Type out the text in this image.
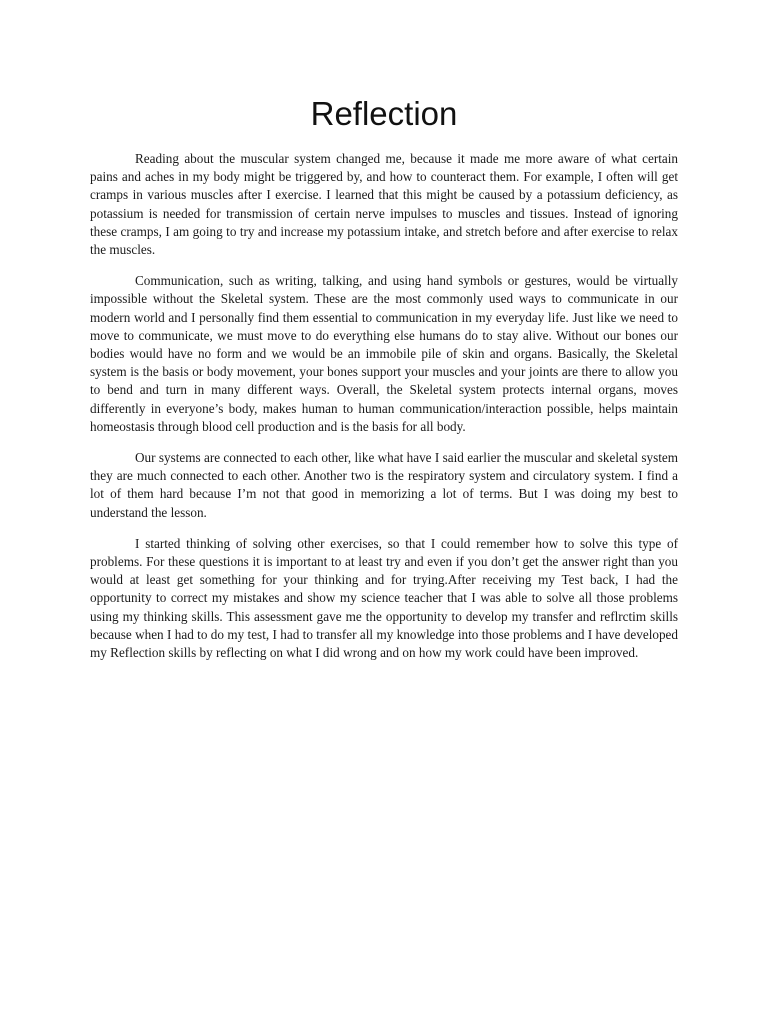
Reflection

Reading about the muscular system changed me, because it made me more aware of what certain pains and aches in my body might be triggered by, and how to counteract them. For example, I often will get cramps in various muscles after I exercise. I learned that this might be caused by a potassium deficiency, as potassium is needed for transmission of certain nerve impulses to muscles and tissues. Instead of ignoring these cramps, I am going to try and increase my potassium intake, and stretch before and after exercise to relax the muscles.

Communication, such as writing, talking, and using hand symbols or gestures, would be virtually impossible without the Skeletal system. These are the most commonly used ways to communicate in our modern world and I personally find them essential to communication in my everyday life. Just like we need to move to communicate, we must move to do everything else humans do to stay alive. Without our bones our bodies would have no form and we would be an immobile pile of skin and organs. Basically, the Skeletal system is the basis or body movement, your bones support your muscles and your joints are there to allow you to bend and turn in many different ways. Overall, the Skeletal system protects internal organs, moves differently in everyone’s body, makes human to human communication/interaction possible, helps maintain homeostasis through blood cell production and is the basis for all body.

Our systems are connected to each other, like what have I said earlier the muscular and skeletal system they are much connected to each other. Another two is the respiratory system and circulatory system. I find a lot of them hard because I’m not that good in memorizing a lot of terms. But I was doing my best to understand the lesson.

I started thinking of solving other exercises, so that I could remember how to solve this type of problems. For these questions it is important to at least try and even if you don’t get the answer right than you would at least get something for your thinking and for trying.After receiving my Test back, I had the opportunity to correct my mistakes and show my science teacher that I was able to solve all those problems using my thinking skills. This assessment gave me the opportunity to develop my transfer and reflrctim skills because when I had to do my test, I had to transfer all my knowledge into those problems and I have developed my Reflection skills by reflecting on what I did wrong and on how my work could have been improved.
